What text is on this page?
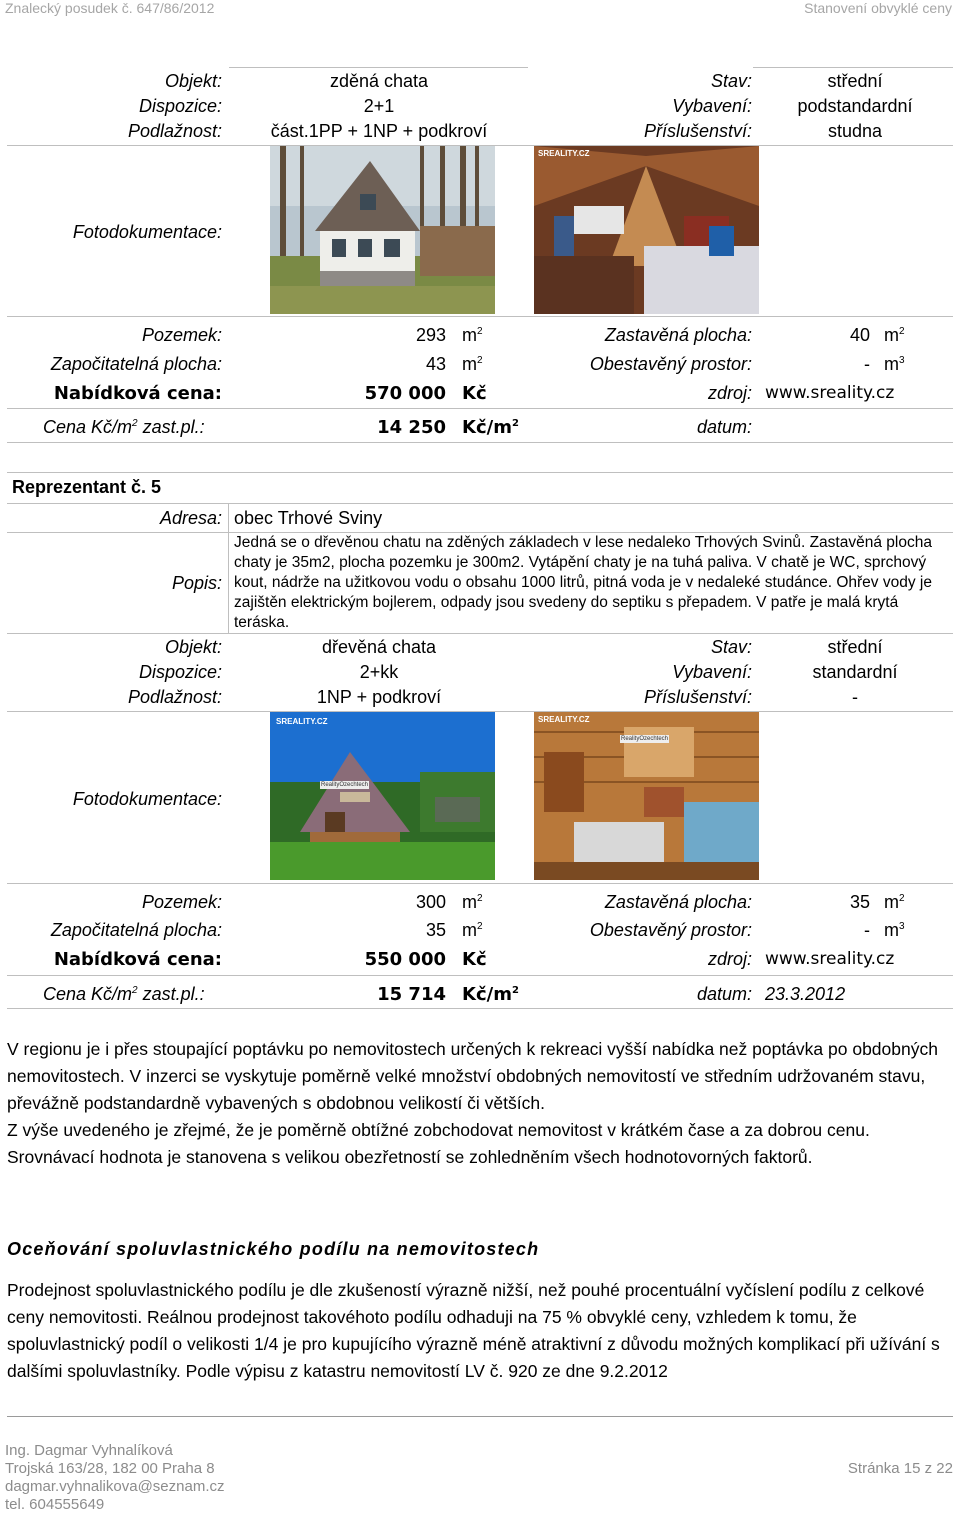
Znalecký posudek č. 647/86/2012	Stanovení obvyklé ceny
Objekt:
Dispozice:
Podlažnost:
zděná chata
2+1
část.1PP + 1NP + podkroví
Stav:
Vybavení:
Příslušenství:
střední
podstandardní
studna
Fotodokumentace:
SREALITY.CZ
Pozemek:
Započitatelná plocha:
Nabídková cena:
Cena $Kč/m^2$ zast.pl.:
293 $m^2$
43 $m^2$
570 000 Kč
14 250 $Kč/m^2$
Zastavěná plocha:
Obestavěný prostor:
zdroj:
datum:
40 $m^2$
- $m^3$
www.sreality.cz
Reprezentant č. 5
Adresa: obec Trhové Sviny
Popis:
Jedná se o dřevěnou chatu na zděných základech v lese nedaleko Trhových Svinů. Zastavěná plocha chaty je 35m2, plocha pozemku je 300m2. Vytápění chaty je na tuhá paliva. V chatě je WC, sprchový kout, nádrže na užitkovou vodu o obsahu 1000 litrů, pitná voda je v nedaleké studánce. Ohřev vody je zajištěn elektrickým bojlerem, odpady jsou svedeny do septiku s přepadem. V patře je malá krytá teráska.
Objekt:
Dispozice:
Podlažnost:
dřevěná chata
2+kk
1NP + podkroví
Stav:
Vybavení:
Příslušenství:
střední
standardní
-
Fotodokumentace:
SREALITY.CZ
RealityOzechtech
SREALITY.CZ
RealityOzechtech
Pozemek:
Započitatelná plocha:
Nabídková cena:
Cena $Kč/m^2$ zast.pl.:
300 $m^2$
35 $m^2$
550 000 Kč
15 714 $Kč/m^2$
Zastavěná plocha:
Obestavěný prostor:
zdroj:
datum:
35 $m^2$
- $m^3$
www.sreality.cz
23.3.2012
V regionu je i přes stoupající poptávku po nemovitostech určených k rekreaci vyšší nabídka než poptávka po obdobných nemovitostech. V inzerci se vyskytuje poměrně velké množství obdobných nemovitostí ve středním udržovaném stavu, převážně podstandardně vybavených s obdobnou velikostí či větších.
Z výše uvedeného je zřejmé, že je poměrně obtížné zobchodovat nemovitost v krátkém čase a za dobrou cenu. Srovnávací hodnota je stanovena s velikou obezřetností se zohledněním všech hodnotovorných faktorů.
Oceňování spoluvlastnického podílu na nemovitostech
Prodejnost spoluvlastnického podílu je dle zkušeností výrazně nižší, než pouhé procentuální vyčíslení podílu z celkové ceny nemovitosti. Reálnou prodejnost takovéhoto podílu odhaduji na 75 % obvyklé ceny, vzhledem k tomu, že spoluvlastnický podíl o velikosti 1/4 je pro kupujícího výrazně méně atraktivní z důvodu možných komplikací při užívání s dalšími spoluvlastníky. Podle výpisu z katastru nemovitostí LV č. 920 ze dne 9.2.2012
Ing. Dagmar Vyhnalíková
Trojská 163/28, 182 00 Praha 8
dagmar.vyhnalikova@seznam.cz
tel. 604555649
Stránka 15 z 22
